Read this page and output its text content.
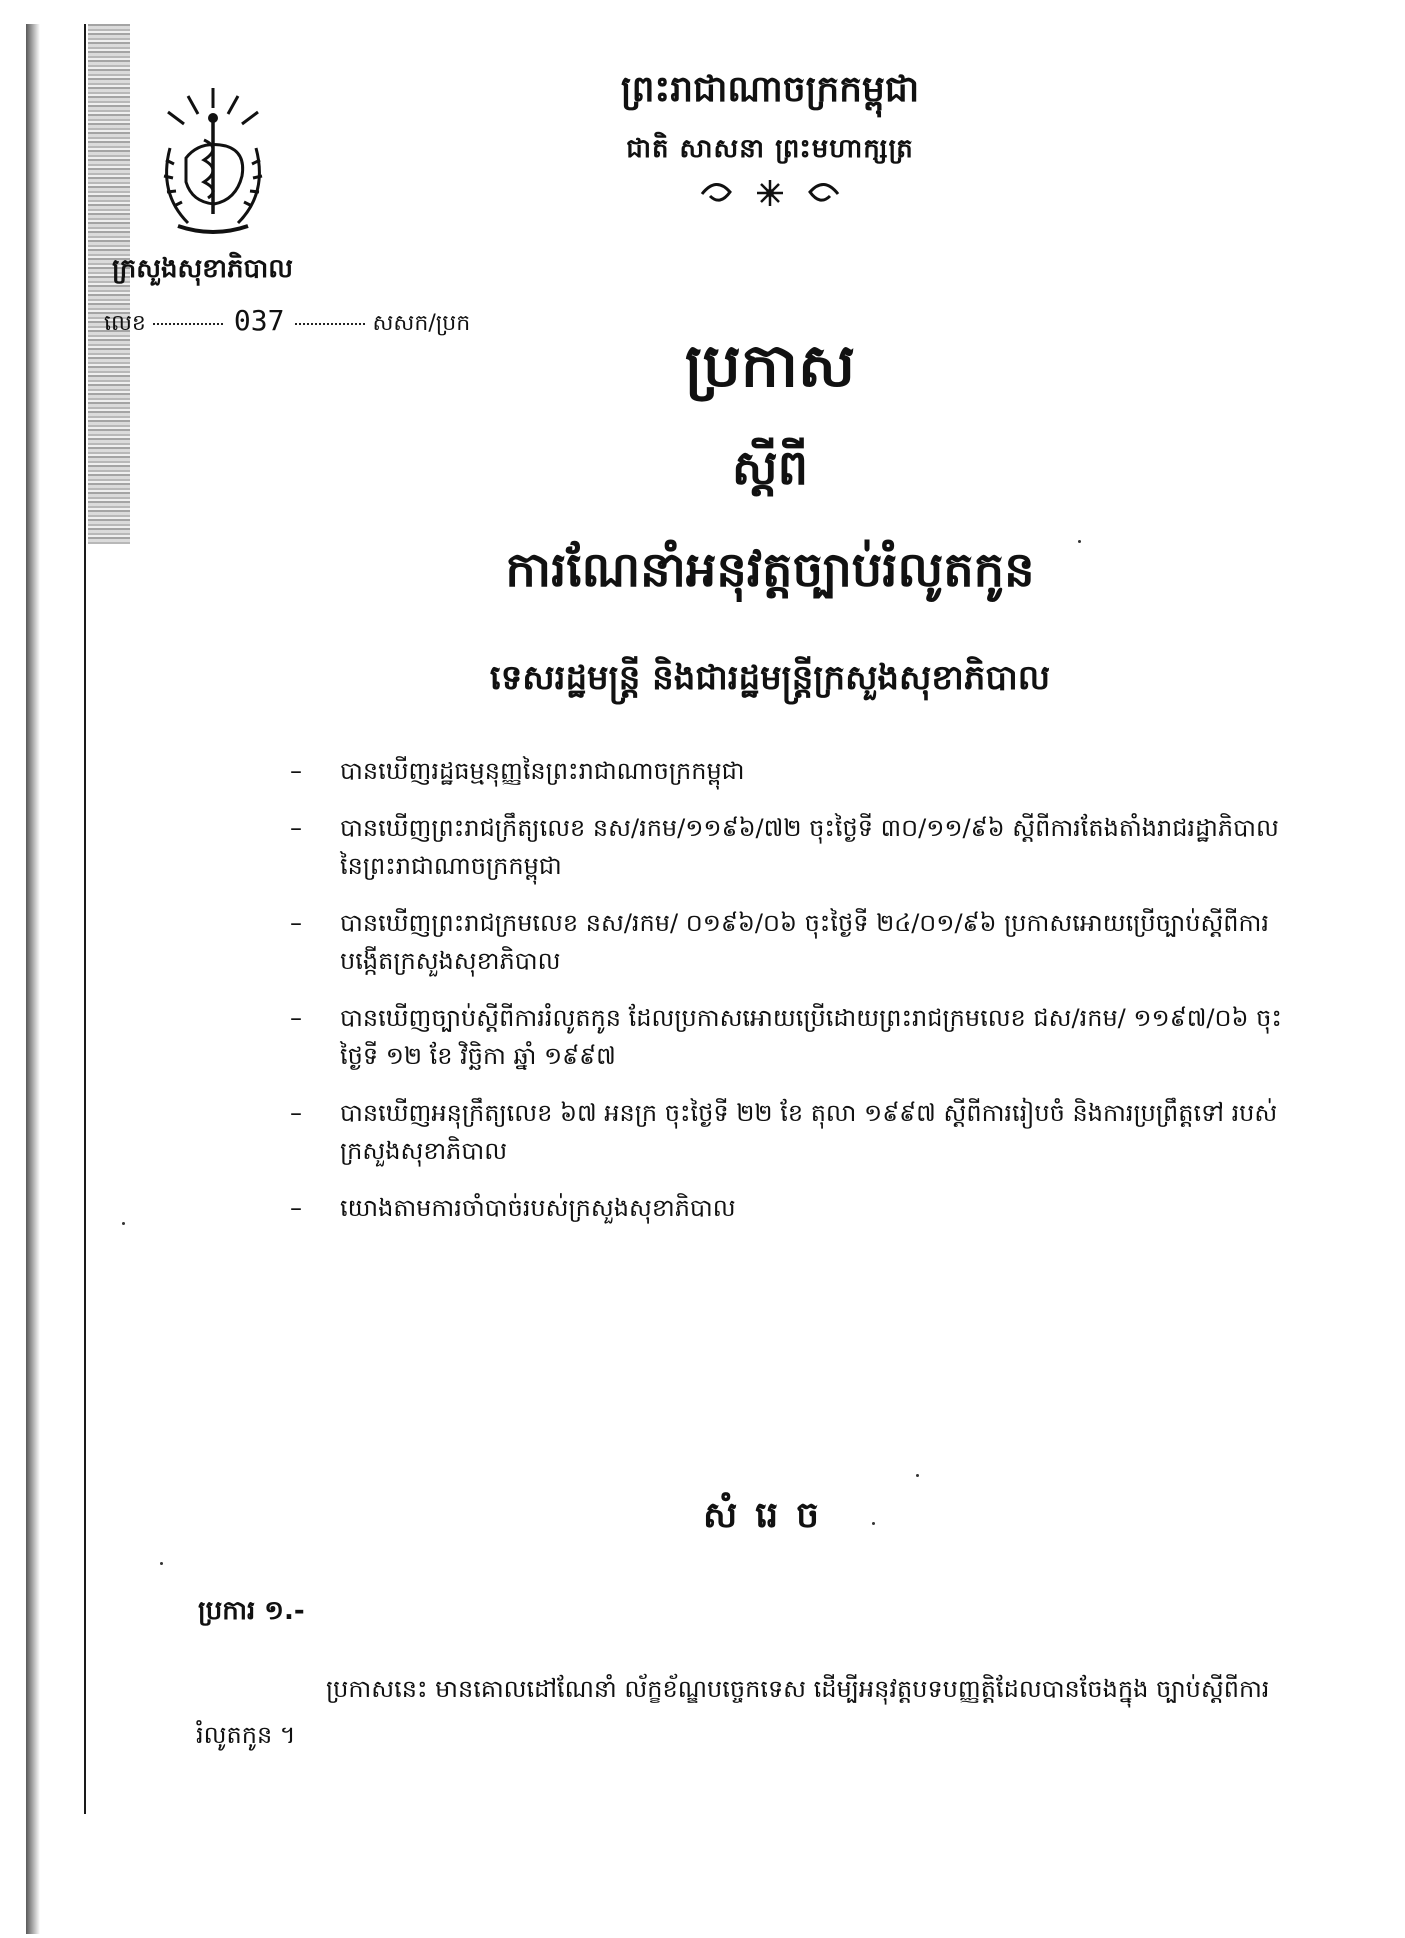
ព្រះរាជាណាចក្រកម្ពុជា
ជាតិ សាសនា ព្រះមហាក្សត្រ
ក្រសួងសុខាភិបាល
លេខ	037	សសក/ប្រក
ប្រកាស
ស្តីពី
ការណែនាំអនុវត្តច្បាប់រំលូតកូន
ទេសរដ្ឋមន្ត្រី និងជារដ្ឋមន្ត្រីក្រសួងសុខាភិបាល
– បានឃើញរដ្ឋធម្មនុញ្ញនៃព្រះរាជាណាចក្រកម្ពុជា
– បានឃើញព្រះរាជក្រឹត្យលេខ នស/រកម/១១៩៦/៧២ ចុះថ្ងៃទី ៣០/១១/៩៦ ស្តីពីការតែងតាំងរាជរដ្ឋាភិបាល នៃព្រះរាជាណាចក្រកម្ពុជា
– បានឃើញព្រះរាជក្រមលេខ នស/រកម/ ០១៩៦/០៦ ចុះថ្ងៃទី ២៤/០១/៩៦ ប្រកាសអោយប្រើច្បាប់ស្តីពីការ បង្កើតក្រសួងសុខាភិបាល
– បានឃើញច្បាប់ស្តីពីការរំលូតកូន ដែលប្រកាសអោយប្រើដោយព្រះរាជក្រមលេខ ជស/រកម/ ១១៩៧/០៦ ចុះថ្ងៃទី ១២ ខែ វិច្ឆិកា ឆ្នាំ ១៩៩៧
– បានឃើញអនុក្រឹត្យលេខ ៦៧ អនក្រ ចុះថ្ងៃទី ២២ ខែ តុលា ១៩៩៧ ស្តីពីការរៀបចំ និងការប្រព្រឹត្តទៅ របស់ក្រសួងសុខាភិបាល
– យោងតាមការចាំបាច់របស់ក្រសួងសុខាភិបាល
សំរេច
ប្រការ ១.-
ប្រកាសនេះ មានគោលដៅណែនាំ ល័ក្ខខ័ណ្ឌបច្ចេកទេស ដើម្បីអនុវត្តបទបញ្ញត្តិដែលបានចែងក្នុង ច្បាប់ស្តីពីការរំលូតកូន ។
